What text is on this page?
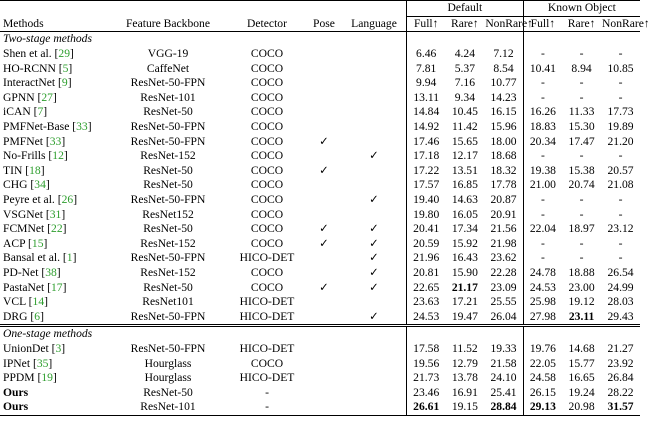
					Default			Known Object		
Methods	Feature Backbone	Detector	Pose	Language	Full↑	Rare↑	NonRare↑	Full↑	Rare↑	NonRare↑
Two-stage methods										
Shen et al. [29]	VGG-19	COCO			6.46	4.24	7.12	-	-	-
HO-RCNN [5]	CaffeNet	COCO			7.81	5.37	8.54	10.41	8.94	10.85
InteractNet [9]	ResNet-50-FPN	COCO			9.94	7.16	10.77	-	-	-
GPNN [27]	ResNet-101	COCO			13.11	9.34	14.23	-	-	-
iCAN [7]	ResNet-50	COCO			14.84	10.45	16.15	16.26	11.33	17.73
PMFNet-Base [33]	ResNet-50-FPN	COCO			14.92	11.42	15.96	18.83	15.30	19.89
PMFNet [33]	ResNet-50-FPN	COCO	✓		17.46	15.65	18.00	20.34	17.47	21.20
No-Frills [12]	ResNet-152	COCO		✓	17.18	12.17	18.68	-	-	-
TIN [18]	ResNet-50	COCO	✓		17.22	13.51	18.32	19.38	15.38	20.57
CHG [34]	ResNet-50	COCO			17.57	16.85	17.78	21.00	20.74	21.08
Peyre et al. [26]	ResNet-50-FPN	COCO		✓	19.40	14.63	20.87	-	-	-
VSGNet [31]	ResNet152	COCO			19.80	16.05	20.91	-	-	-
FCMNet [22]	ResNet-50	COCO	✓	✓	20.41	17.34	21.56	22.04	18.97	23.12
ACP [15]	ResNet-152	COCO	✓	✓	20.59	15.92	21.98	-	-	-
Bansal et al. [1]	ResNet-50-FPN	HICO-DET		✓	21.96	16.43	23.62	-	-	-
PD-Net [38]	ResNet-152	COCO		✓	20.81	15.90	22.28	24.78	18.88	26.54
PastaNet [17]	ResNet-50	COCO	✓	✓	22.65	21.17	23.09	24.53	23.00	24.99
VCL [14]	ResNet101	HICO-DET			23.63	17.21	25.55	25.98	19.12	28.03
DRG [6]	ResNet-50-FPN	HICO-DET		✓	24.53	19.47	26.04	27.98	23.11	29.43
One-stage methods										
UnionDet [3]	ResNet-50-FPN	HICO-DET			17.58	11.52	19.33	19.76	14.68	21.27
IPNet [35]	Hourglass	COCO			19.56	12.79	21.58	22.05	15.77	23.92
PPDM [19]	Hourglass	HICO-DET			21.73	13.78	24.10	24.58	16.65	26.84
Ours	ResNet-50	-			23.46	16.91	25.41	26.15	19.24	28.22
Ours	ResNet-101	-			26.61	19.15	28.84	29.13	20.98	31.57
